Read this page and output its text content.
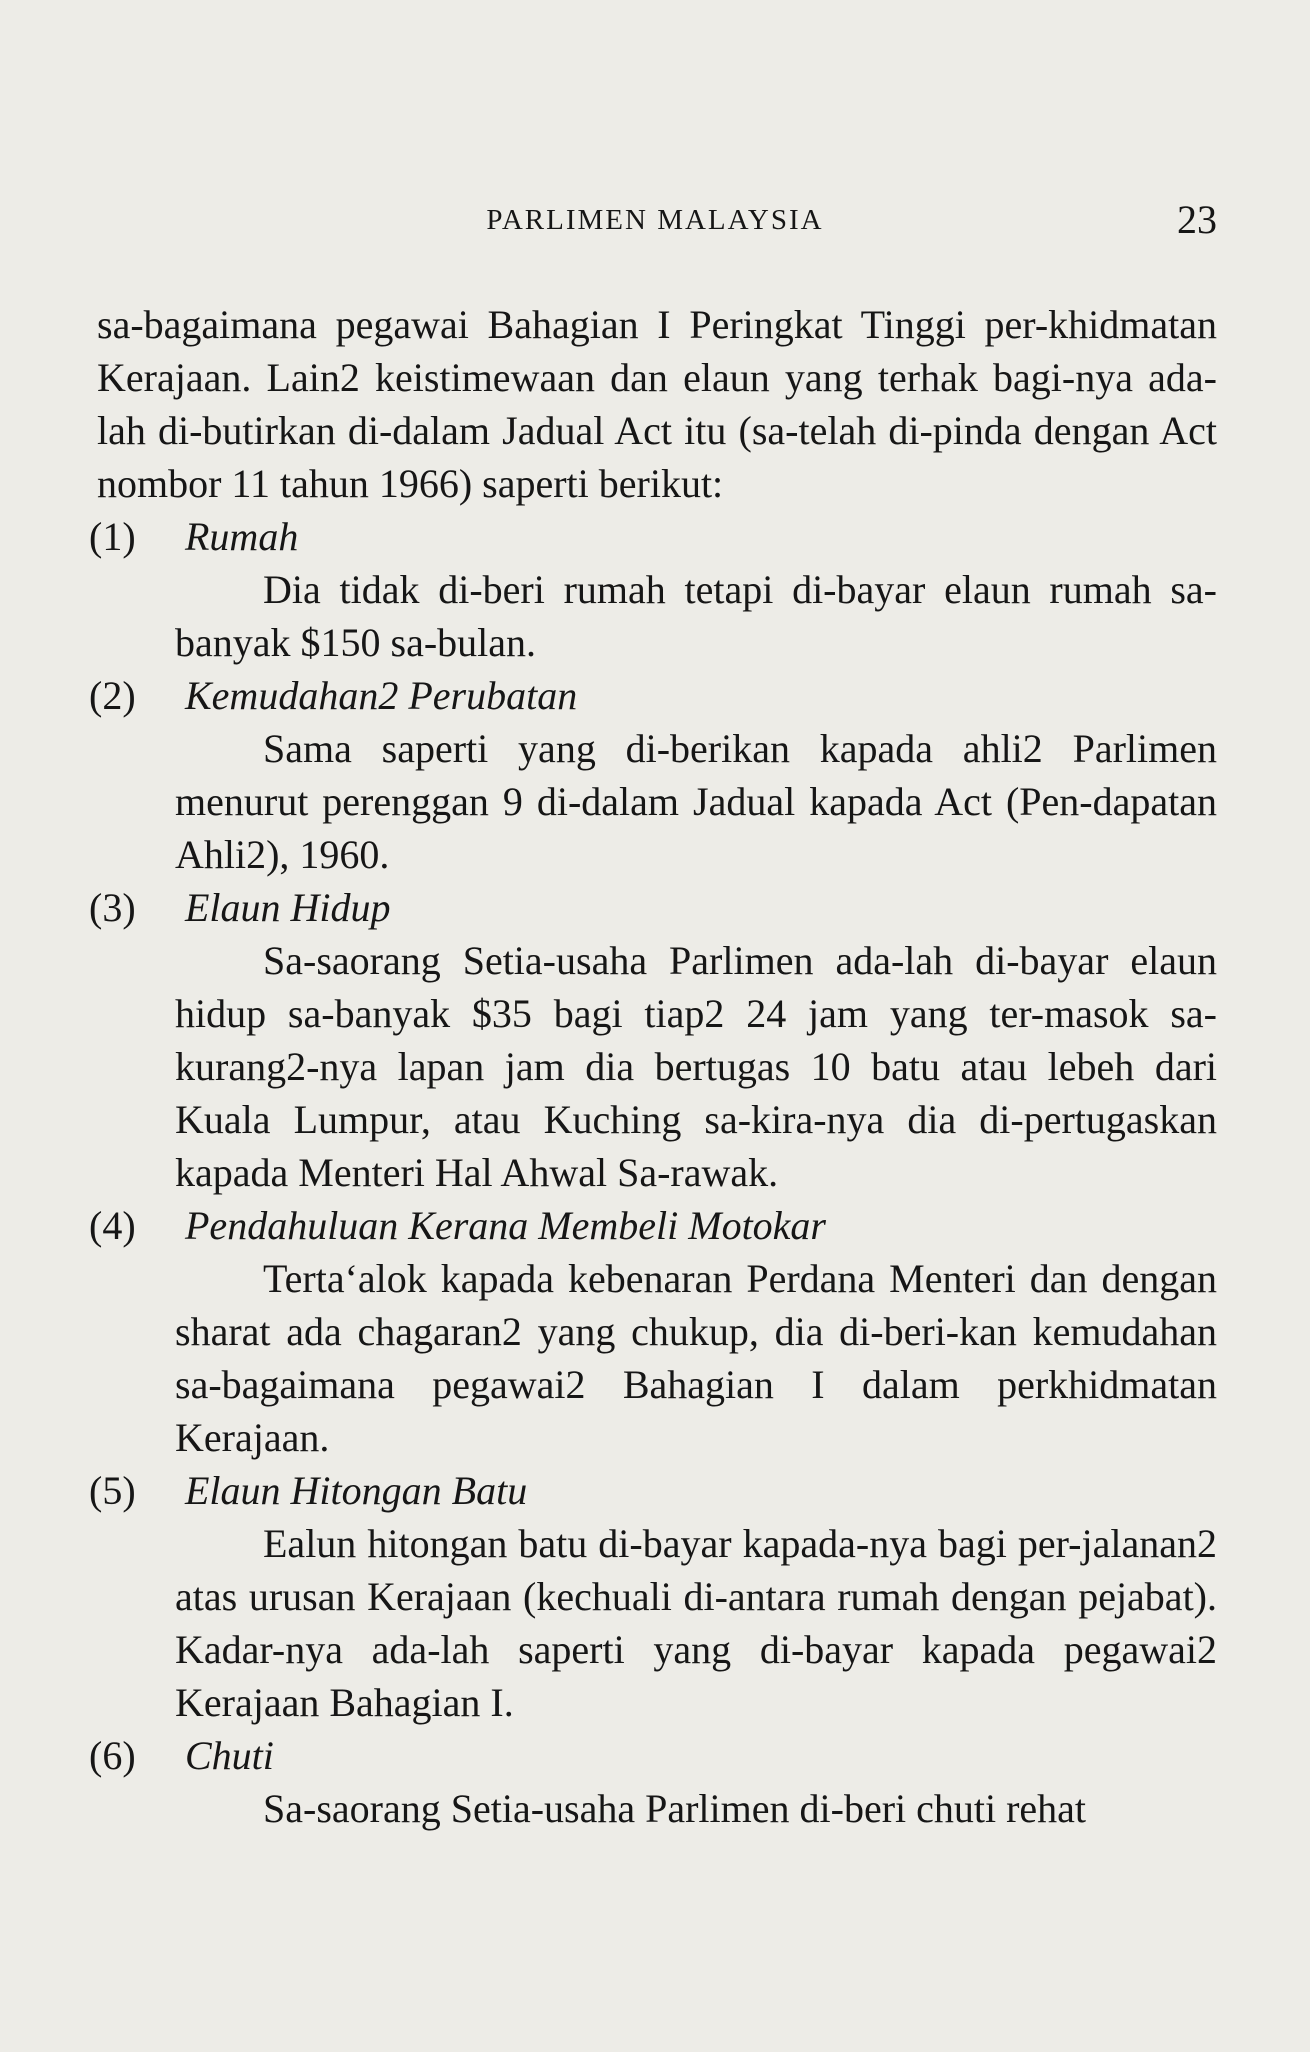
PARLIMEN MALAYSIA	23

sa-bagaimana pegawai Bahagian I Peringkat Tinggi per-khidmatan Kerajaan. Lain2 keistimewaan dan elaun yang terhak bagi-nya ada-lah di-butirkan di-dalam Jadual Act itu (sa-telah di-pinda dengan Act nombor 11 tahun 1966) saperti berikut:

(1) Rumah

Dia tidak di-beri rumah tetapi di-bayar elaun rumah sa-banyak $150 sa-bulan.

(2) Kemudahan2 Perubatan

Sama saperti yang di-berikan kapada ahli2 Parlimen menurut perenggan 9 di-dalam Jadual kapada Act (Pen-dapatan Ahli2), 1960.

(3) Elaun Hidup

Sa-saorang Setia-usaha Parlimen ada-lah di-bayar elaun hidup sa-banyak $35 bagi tiap2 24 jam yang ter-masok sa-kurang2-nya lapan jam dia bertugas 10 batu atau lebeh dari Kuala Lumpur, atau Kuching sa-kira-nya dia di-pertugaskan kapada Menteri Hal Ahwal Sa-rawak.

(4) Pendahuluan Kerana Membeli Motokar

Terta‘alok kapada kebenaran Perdana Menteri dan dengan sharat ada chagaran2 yang chukup, dia di-beri-kan kemudahan sa-bagaimana pegawai2 Bahagian I dalam perkhidmatan Kerajaan.

(5) Elaun Hitongan Batu

Ealun hitongan batu di-bayar kapada-nya bagi per-jalanan2 atas urusan Kerajaan (kechuali di-antara rumah dengan pejabat). Kadar-nya ada-lah saperti yang di-bayar kapada pegawai2 Kerajaan Bahagian I.

(6) Chuti

Sa-saorang Setia-usaha Parlimen di-beri chuti rehat
